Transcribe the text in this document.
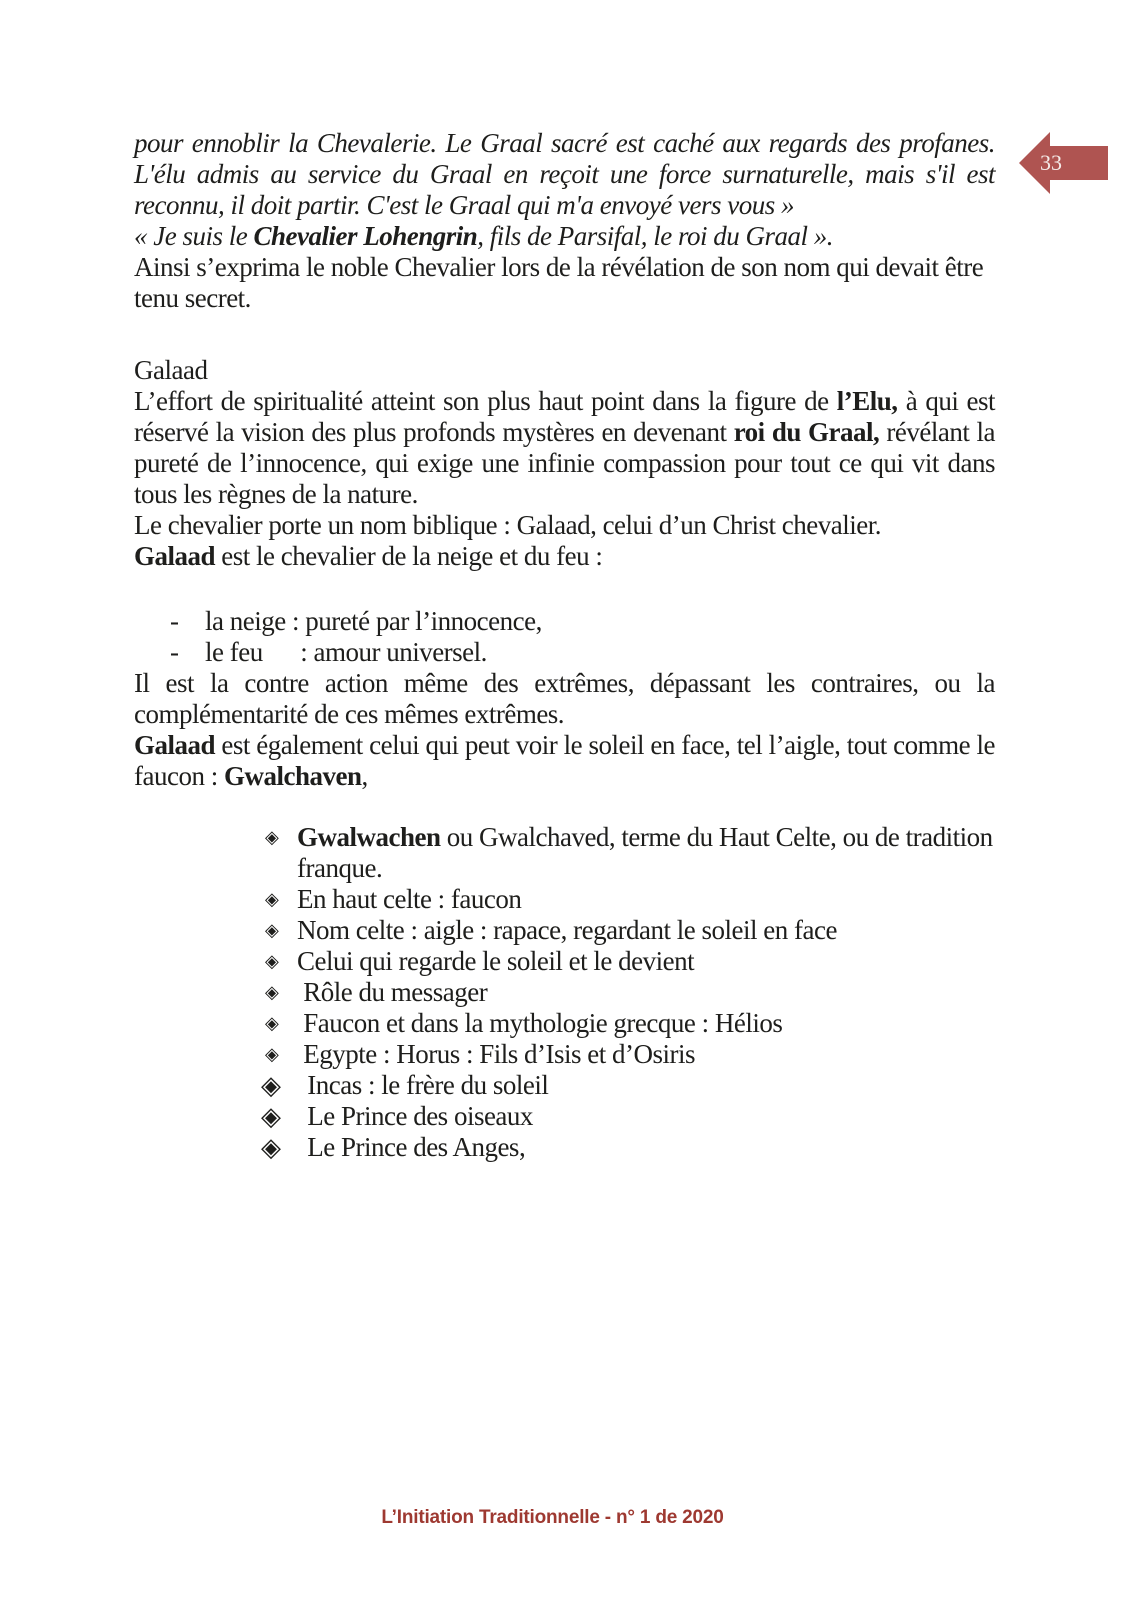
33

pour ennoblir la Chevalerie. Le Graal sacré est caché aux regards des profanes. L'élu admis au service du Graal en reçoit une force surnaturelle, mais s'il est reconnu, il doit partir. C'est le Graal qui m'a envoyé vers vous »

« Je suis le Chevalier Lohengrin, fils de Parsifal, le roi du Graal ».

Ainsi s’exprima le noble Chevalier lors de la révélation de son nom qui devait être tenu secret.

Galaad

L’effort de spiritualité atteint son plus haut point dans la figure de l’Elu, à qui est réservé la vision des plus profonds mystères en devenant roi du Graal, révélant la pureté de l’innocence, qui exige une infinie compassion pour tout ce qui vit dans tous les règnes de la nature.

Le chevalier porte un nom biblique : Galaad, celui d’un Christ chevalier.

Galaad est le chevalier de la neige et du feu :

- la neige : pureté par l’innocence,
- le feu      : amour universel.

Il est la contre action même des extrêmes, dépassant les contraires, ou la complémentarité de ces mêmes extrêmes.

Galaad est également celui qui peut voir le soleil en face, tel l’aigle, tout comme le faucon : Gwalchaven,

◈ Gwalwachen ou Gwalchaved, terme du Haut Celte, ou de tradition franque.
◈ En haut celte : faucon
◈ Nom celte : aigle : rapace, regardant le soleil en face
◈ Celui qui regarde le soleil et le devient
◈ Rôle du messager
◈ Faucon et dans la mythologie grecque : Hélios
◈ Egypte : Horus : Fils d’Isis et d’Osiris
◈ Incas : le frère du soleil
◈ Le Prince des oiseaux
◈ Le Prince des Anges,
L’Initiation Traditionnelle - n° 1 de 2020
